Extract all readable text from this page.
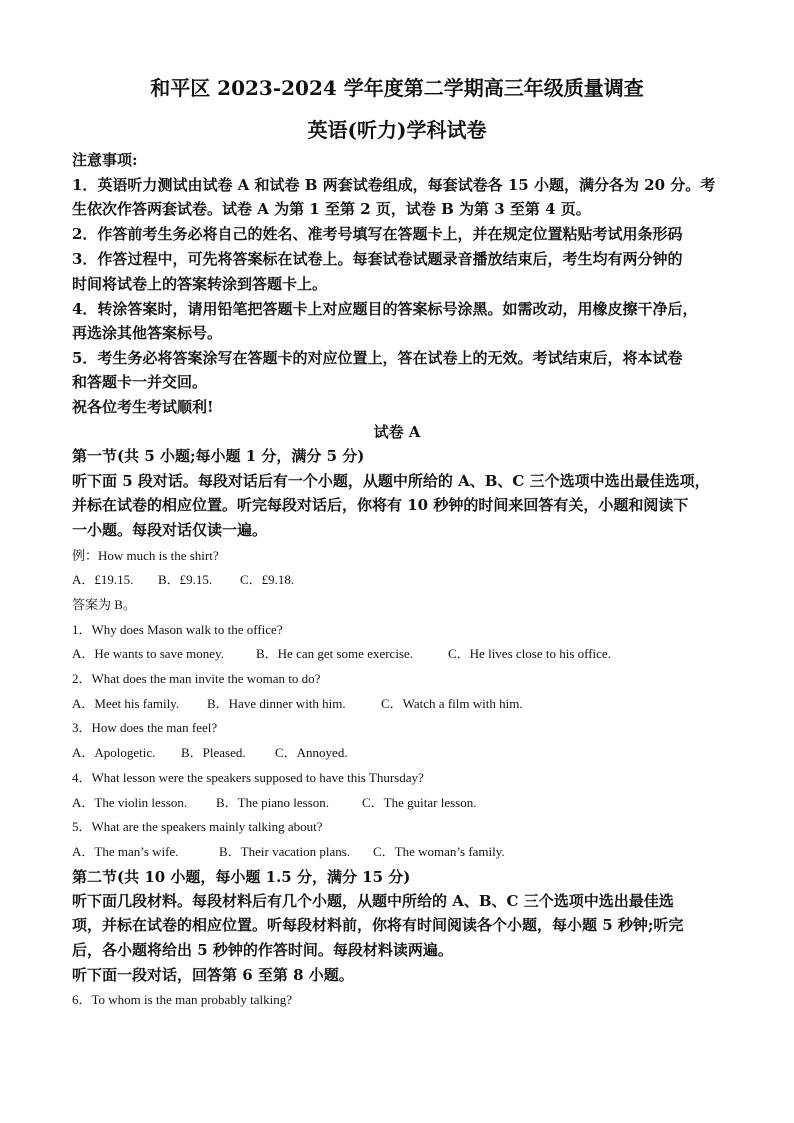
和平区 2023-2024 学年度第二学期高三年级质量调查
英语(听力)学科试卷
注意事项:
1．英语听力测试由试卷 A 和试卷 B 两套试卷组成，每套试卷各 15 小题，满分各为 20 分。考
生依次作答两套试卷。试卷 A 为第 1 至第 2 页，试卷 B 为第 3 至第 4 页。
2．作答前考生务必将自己的姓名、准考号填写在答题卡上，并在规定位置粘贴考试用条形码
3．作答过程中，可先将答案标在试卷上。每套试卷试题录音播放结束后，考生均有两分钟的
时间将试卷上的答案转涂到答题卡上。
4．转涂答案时，请用铅笔把答题卡上对应题目的答案标号涂黑。如需改动，用橡皮擦干净后，
再选涂其他答案标号。
5．考生务必将答案涂写在答题卡的对应位置上，答在试卷上的无效。考试结束后，将本试卷
和答题卡一并交回。
祝各位考生考试顺利!
试卷 A
第一节(共 5 小题;每小题 1 分，满分 5 分)
听下面 5 段对话。每段对话后有一个小题，从题中所给的 A、B、C 三个选项中选出最佳选项，
并标在试卷的相应位置。听完每段对话后，你将有 10 秒钟的时间来回答有关，小题和阅读下
一小题。每段对话仅读一遍。
例：How much is the shirt?
A．£19.15. B．£9.15. C．£9.18.
答案为 B。
1．Why does Mason walk to the office?
A．He wants to save money. B．He can get some exercise.	C．He lives close to his office.
2．What does the man invite the woman to do?
A．Meet his family. B．Have dinner with him.	C．Watch a film with him.
3．How does the man feel?
A．Apologetic. B．Pleased. C．Annoyed.
4．What lesson were the speakers supposed to have this Thursday?
A．The violin lesson. B．The piano lesson.	C．The guitar lesson.
5．What are the speakers mainly talking about?
A．The man’s wife.	B．Their vacation plans. C．The woman’s family.
第二节(共 10 小题，每小题 1.5 分，满分 15 分)
听下面几段材料。每段材料后有几个小题，从题中所给的 A、B、C 三个选项中选出最佳选
项，并标在试卷的相应位置。听每段材料前，你将有时间阅读各个小题，每小题 5 秒钟;听完
后，各小题将给出 5 秒钟的作答时间。每段材料读两遍。
听下面一段对话，回答第 6 至第 8 小题。
6．To whom is the man probably talking?
